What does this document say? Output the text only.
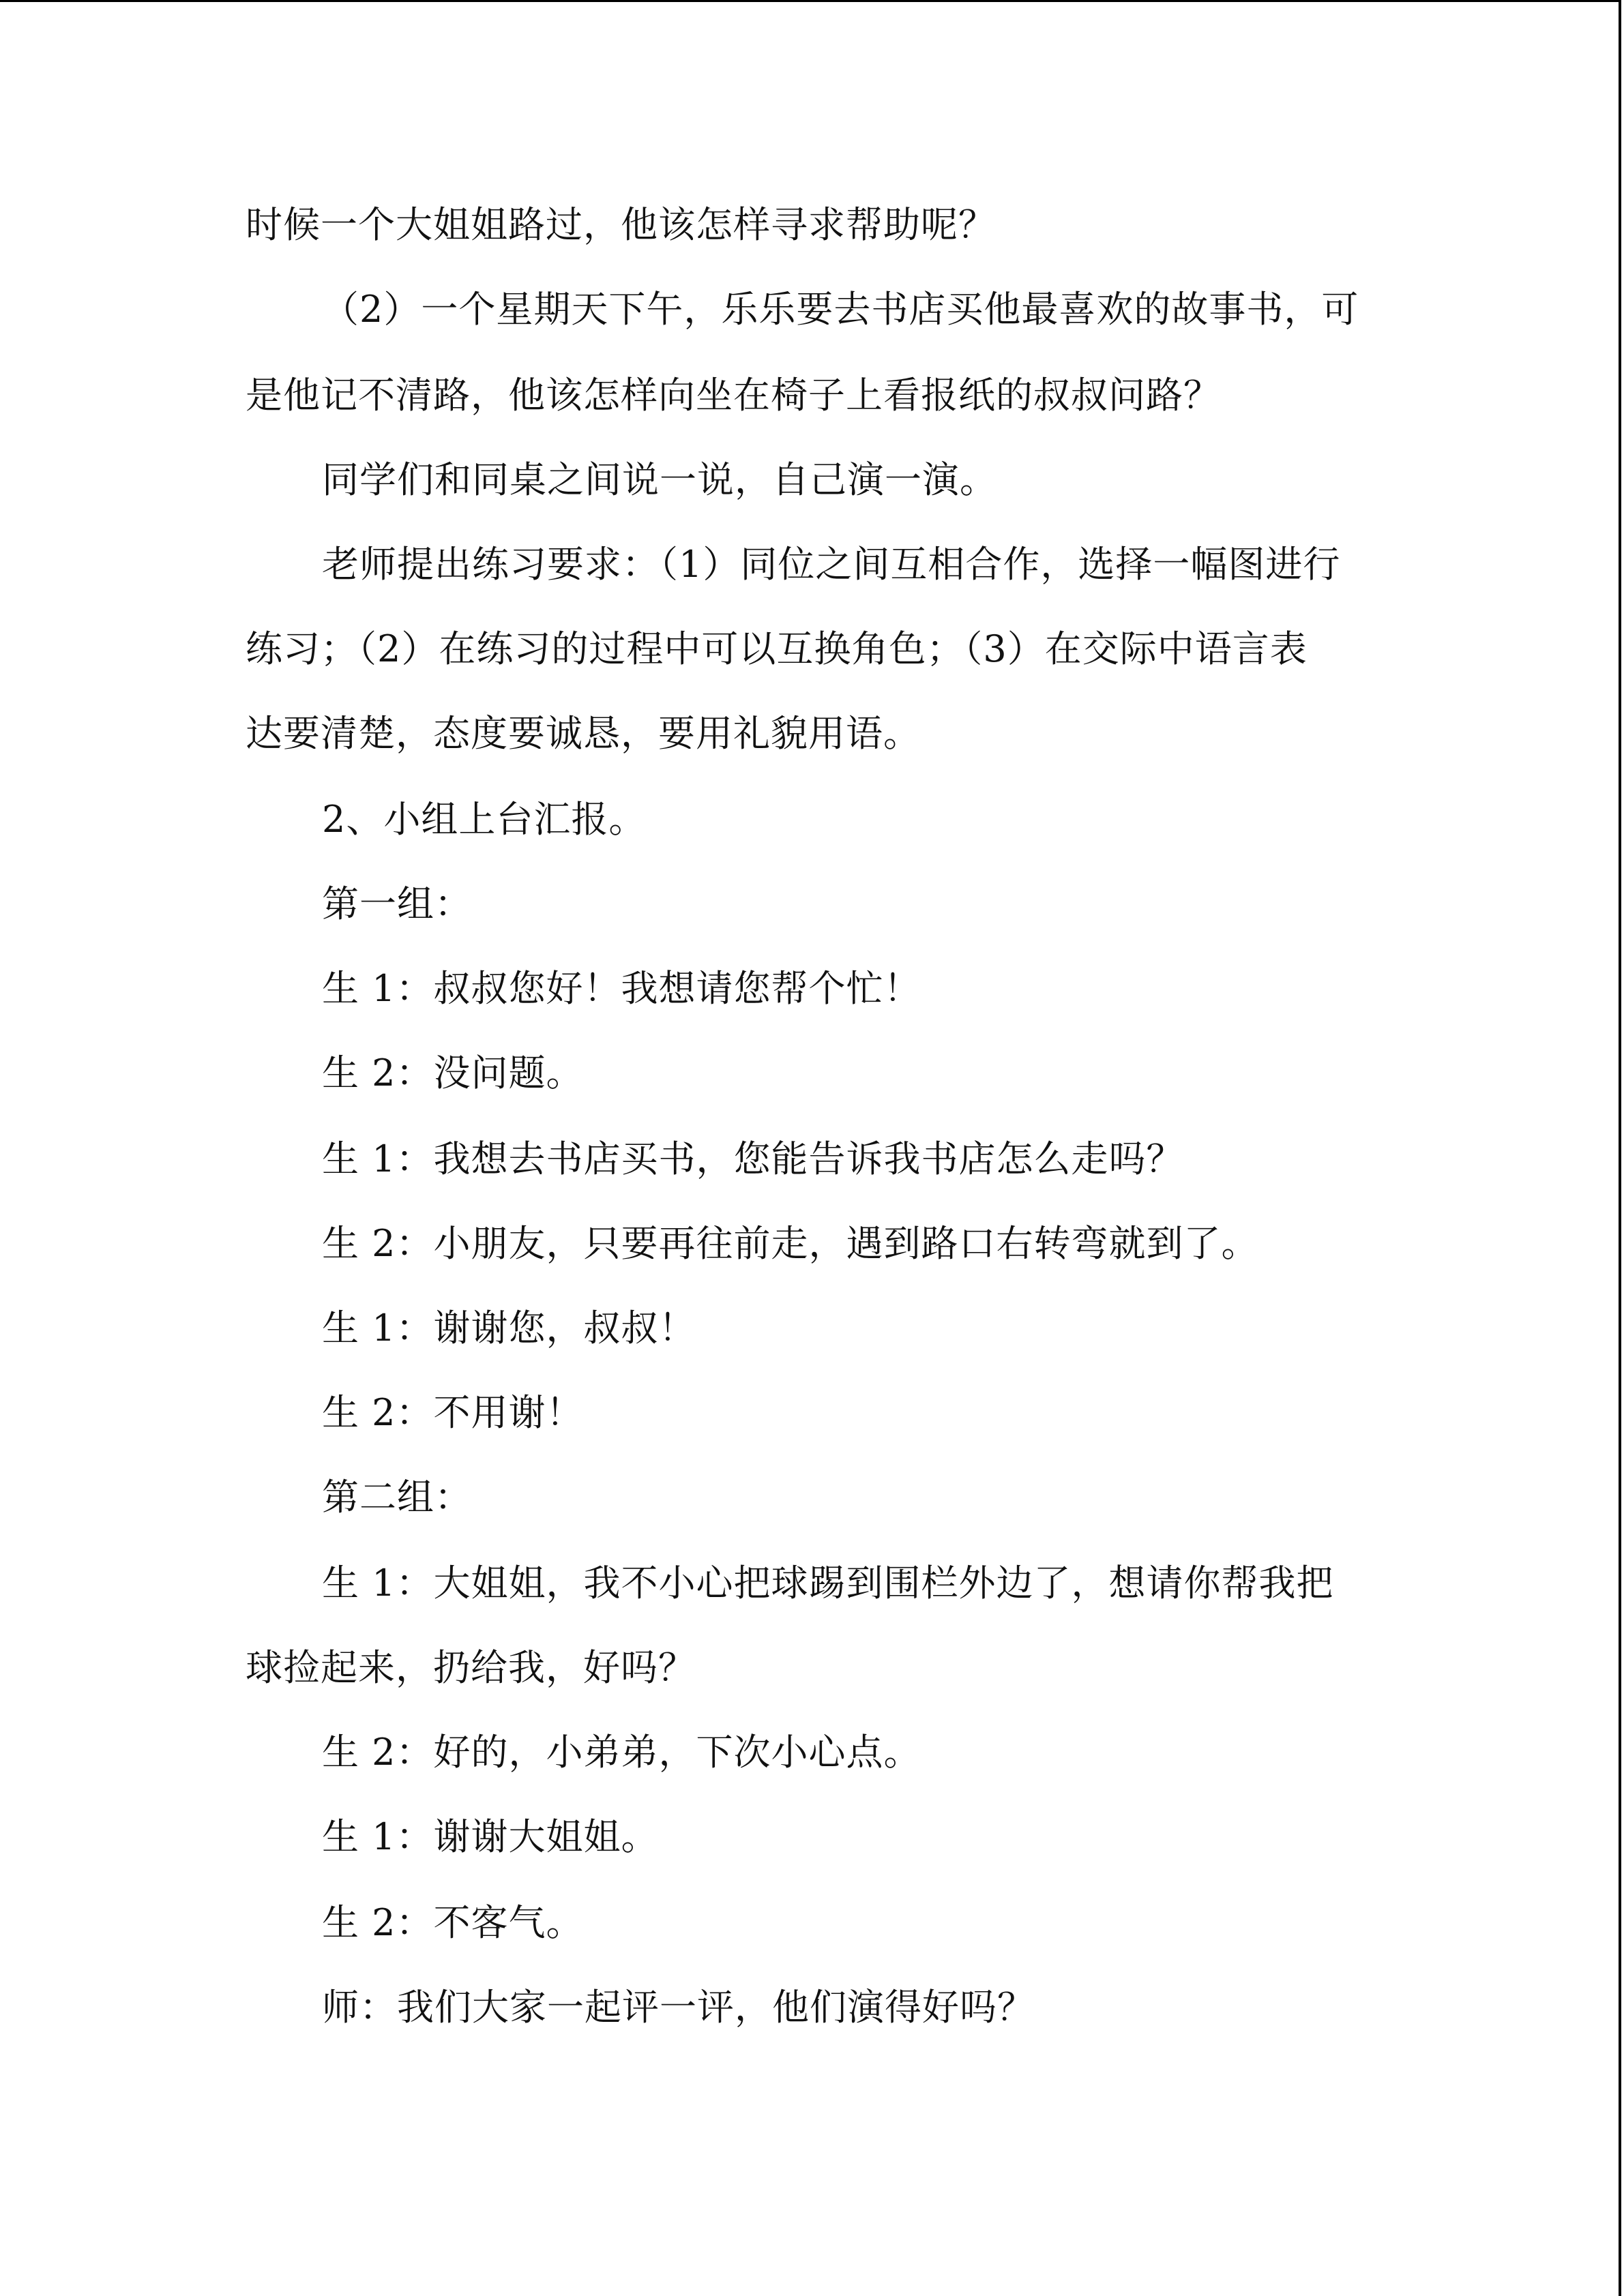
时候一个大姐姐路过，他该怎样寻求帮助呢？
（2）一个星期天下午，乐乐要去书店买他最喜欢的故事书，可
是他记不清路，他该怎样向坐在椅子上看报纸的叔叔问路？
同学们和同桌之间说一说，自己演一演。
老师提出练习要求：（1）同位之间互相合作，选择一幅图进行
练习；（2）在练习的过程中可以互换角色；（3）在交际中语言表
达要清楚，态度要诚恳，要用礼貌用语。
2、小组上台汇报。
第一组：
生 1：叔叔您好！我想请您帮个忙！
生 2：没问题。
生 1：我想去书店买书，您能告诉我书店怎么走吗？
生 2：小朋友，只要再往前走，遇到路口右转弯就到了。
生 1：谢谢您，叔叔！
生 2：不用谢！
第二组：
生 1：大姐姐，我不小心把球踢到围栏外边了，想请你帮我把
球捡起来，扔给我，好吗？
生 2：好的，小弟弟，下次小心点。
生 1：谢谢大姐姐。
生 2：不客气。
师：我们大家一起评一评，他们演得好吗？
